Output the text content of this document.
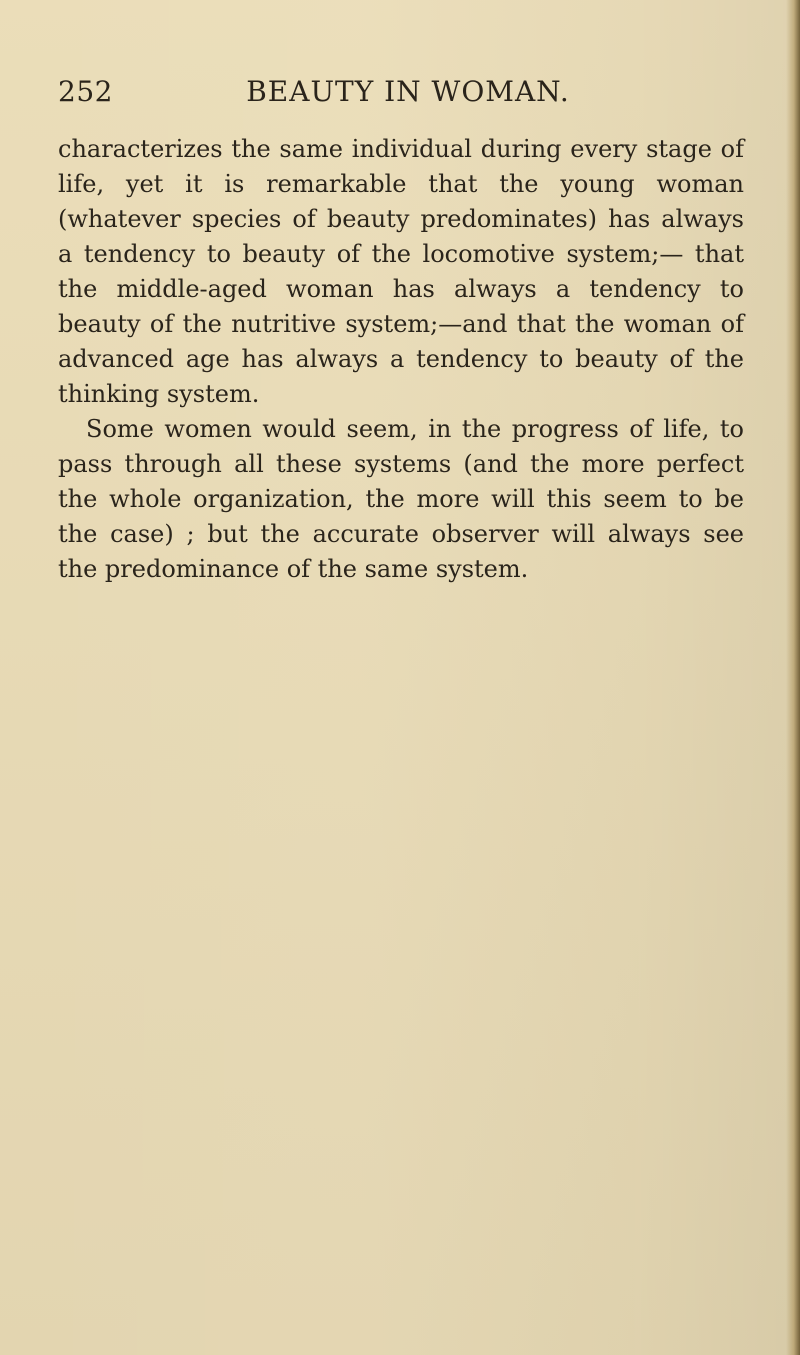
252	BEAUTY IN WOMAN.

characterizes the same individual during every stage of life, yet it is remarkable that the young woman (whatever species of beauty predominates) has always a tendency to beauty of the locomotive system;— that the middle-aged woman has always a tendency to beauty of the nutritive system;—and that the woman of advanced age has always a tendency to beauty of the thinking system.

Some women would seem, in the progress of life, to pass through all these systems (and the more perfect the whole organization, the more will this seem to be the case) ; but the accurate observer will always see the predominance of the same system.
